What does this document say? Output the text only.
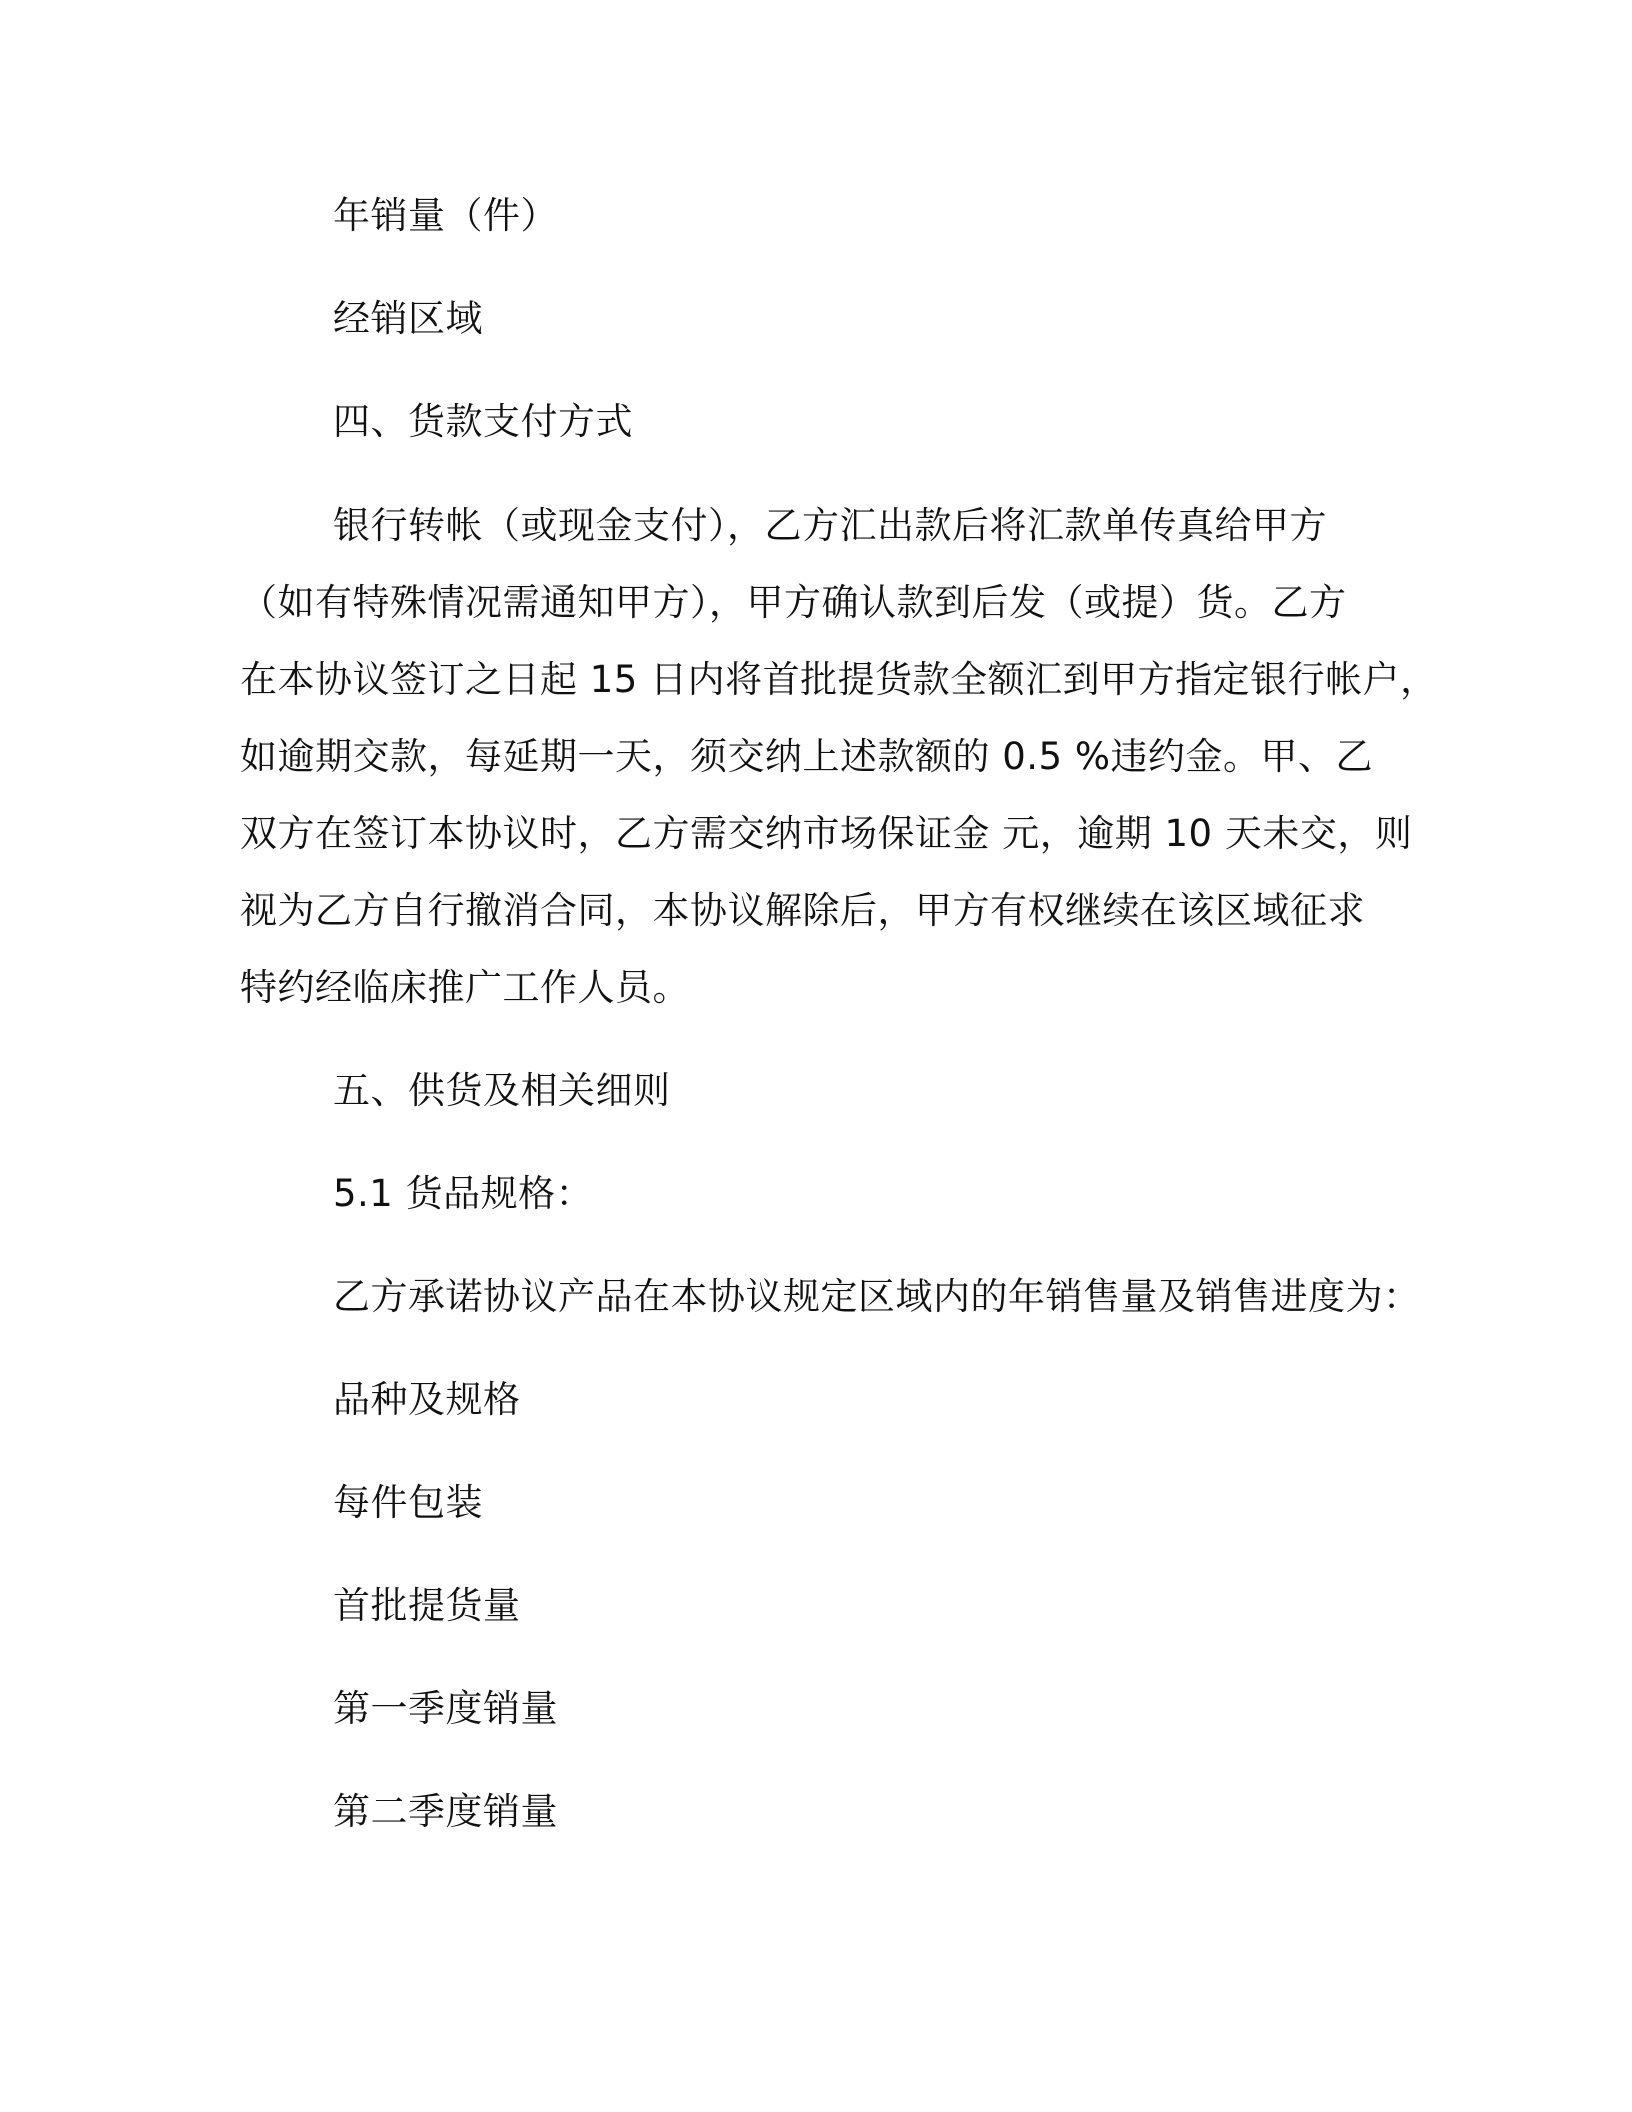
年销量（件）
经销区域
四、货款支付方式
银行转帐（或现金支付），乙方汇出款后将汇款单传真给甲方
（如有特殊情况需通知甲方），甲方确认款到后发（或提）货。乙方
在本协议签订之日起 15 日内将首批提货款全额汇到甲方指定银行帐户，
如逾期交款，每延期一天，须交纳上述款额的 0.5 %违约金。甲、乙
双方在签订本协议时，乙方需交纳市场保证金 元，逾期 10 天未交，则
视为乙方自行撤消合同，本协议解除后，甲方有权继续在该区域征求
特约经临床推广工作人员。
五、供货及相关细则
5.1 货品规格：
乙方承诺协议产品在本协议规定区域内的年销售量及销售进度为：
品种及规格
每件包装
首批提货量
第一季度销量
第二季度销量
